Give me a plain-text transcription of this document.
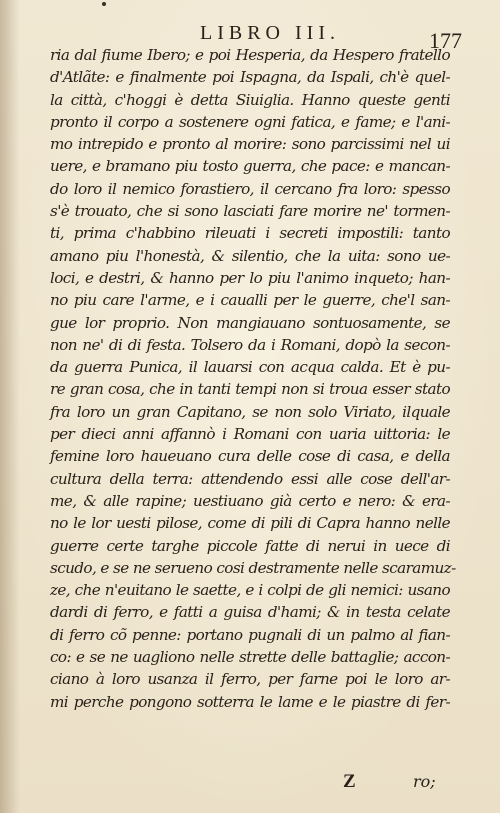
LIBRO III.	177
ria dal fiume Ibero; e poi Hesperia, da Hespero fratello
d'Atlãte: e finalmente poi Ispagna, da Ispali, ch'è quel-
la città, c'hoggi è detta Siuiglia. Hanno queste genti
pronto il corpo a sostenere ogni fatica, e fame; e l'ani-
mo intrepido e pronto al morire: sono parcissimi nel ui
uere, e bramano piu tosto guerra, che pace: e mancan-
do loro il nemico forastiero, il cercano fra loro: spesso
s'è trouato, che si sono lasciati fare morire ne' tormen-
ti, prima c'habbino rileuati i secreti impostili: tanto
amano piu l'honestà, & silentio, che la uita: sono ue-
loci, e destri, & hanno per lo piu l'animo inqueto; han-
no piu care l'arme, e i caualli per le guerre, che'l san-
gue lor proprio. Non mangiauano sontuosamente, se
non ne' di di festa. Tolsero da i Romani, dopò la secon-
da guerra Punica, il lauarsi con acqua calda. Et è pu-
re gran cosa, che in tanti tempi non si troua esser stato
fra loro un gran Capitano, se non solo Viriato, ilquale
per dieci anni affannò i Romani con uaria uittoria: le
femine loro haueuano cura delle cose di casa, e della
cultura della terra: attendendo essi alle cose dell'ar-
me, & alle rapine; uestiuano già certo e nero: & era-
no le lor uesti pilose, come di pili di Capra hanno nelle
guerre certe targhe piccole fatte di nerui in uece di
scudo, e se ne serueno cosi destramente nelle scaramuz-
ze, che n'euitano le saette, e i colpi de gli nemici: usano
dardi di ferro, e fatti a guisa d'hami; & in testa celate
di ferro cõ penne: portano pugnali di un palmo al fian-
co: e se ne uagliono nelle strette delle battaglie; accon-
ciano à loro usanza il ferro, per farne poi le loro ar-
mi perche pongono sotterra le lame e le piastre di fer-
Z	ro;
